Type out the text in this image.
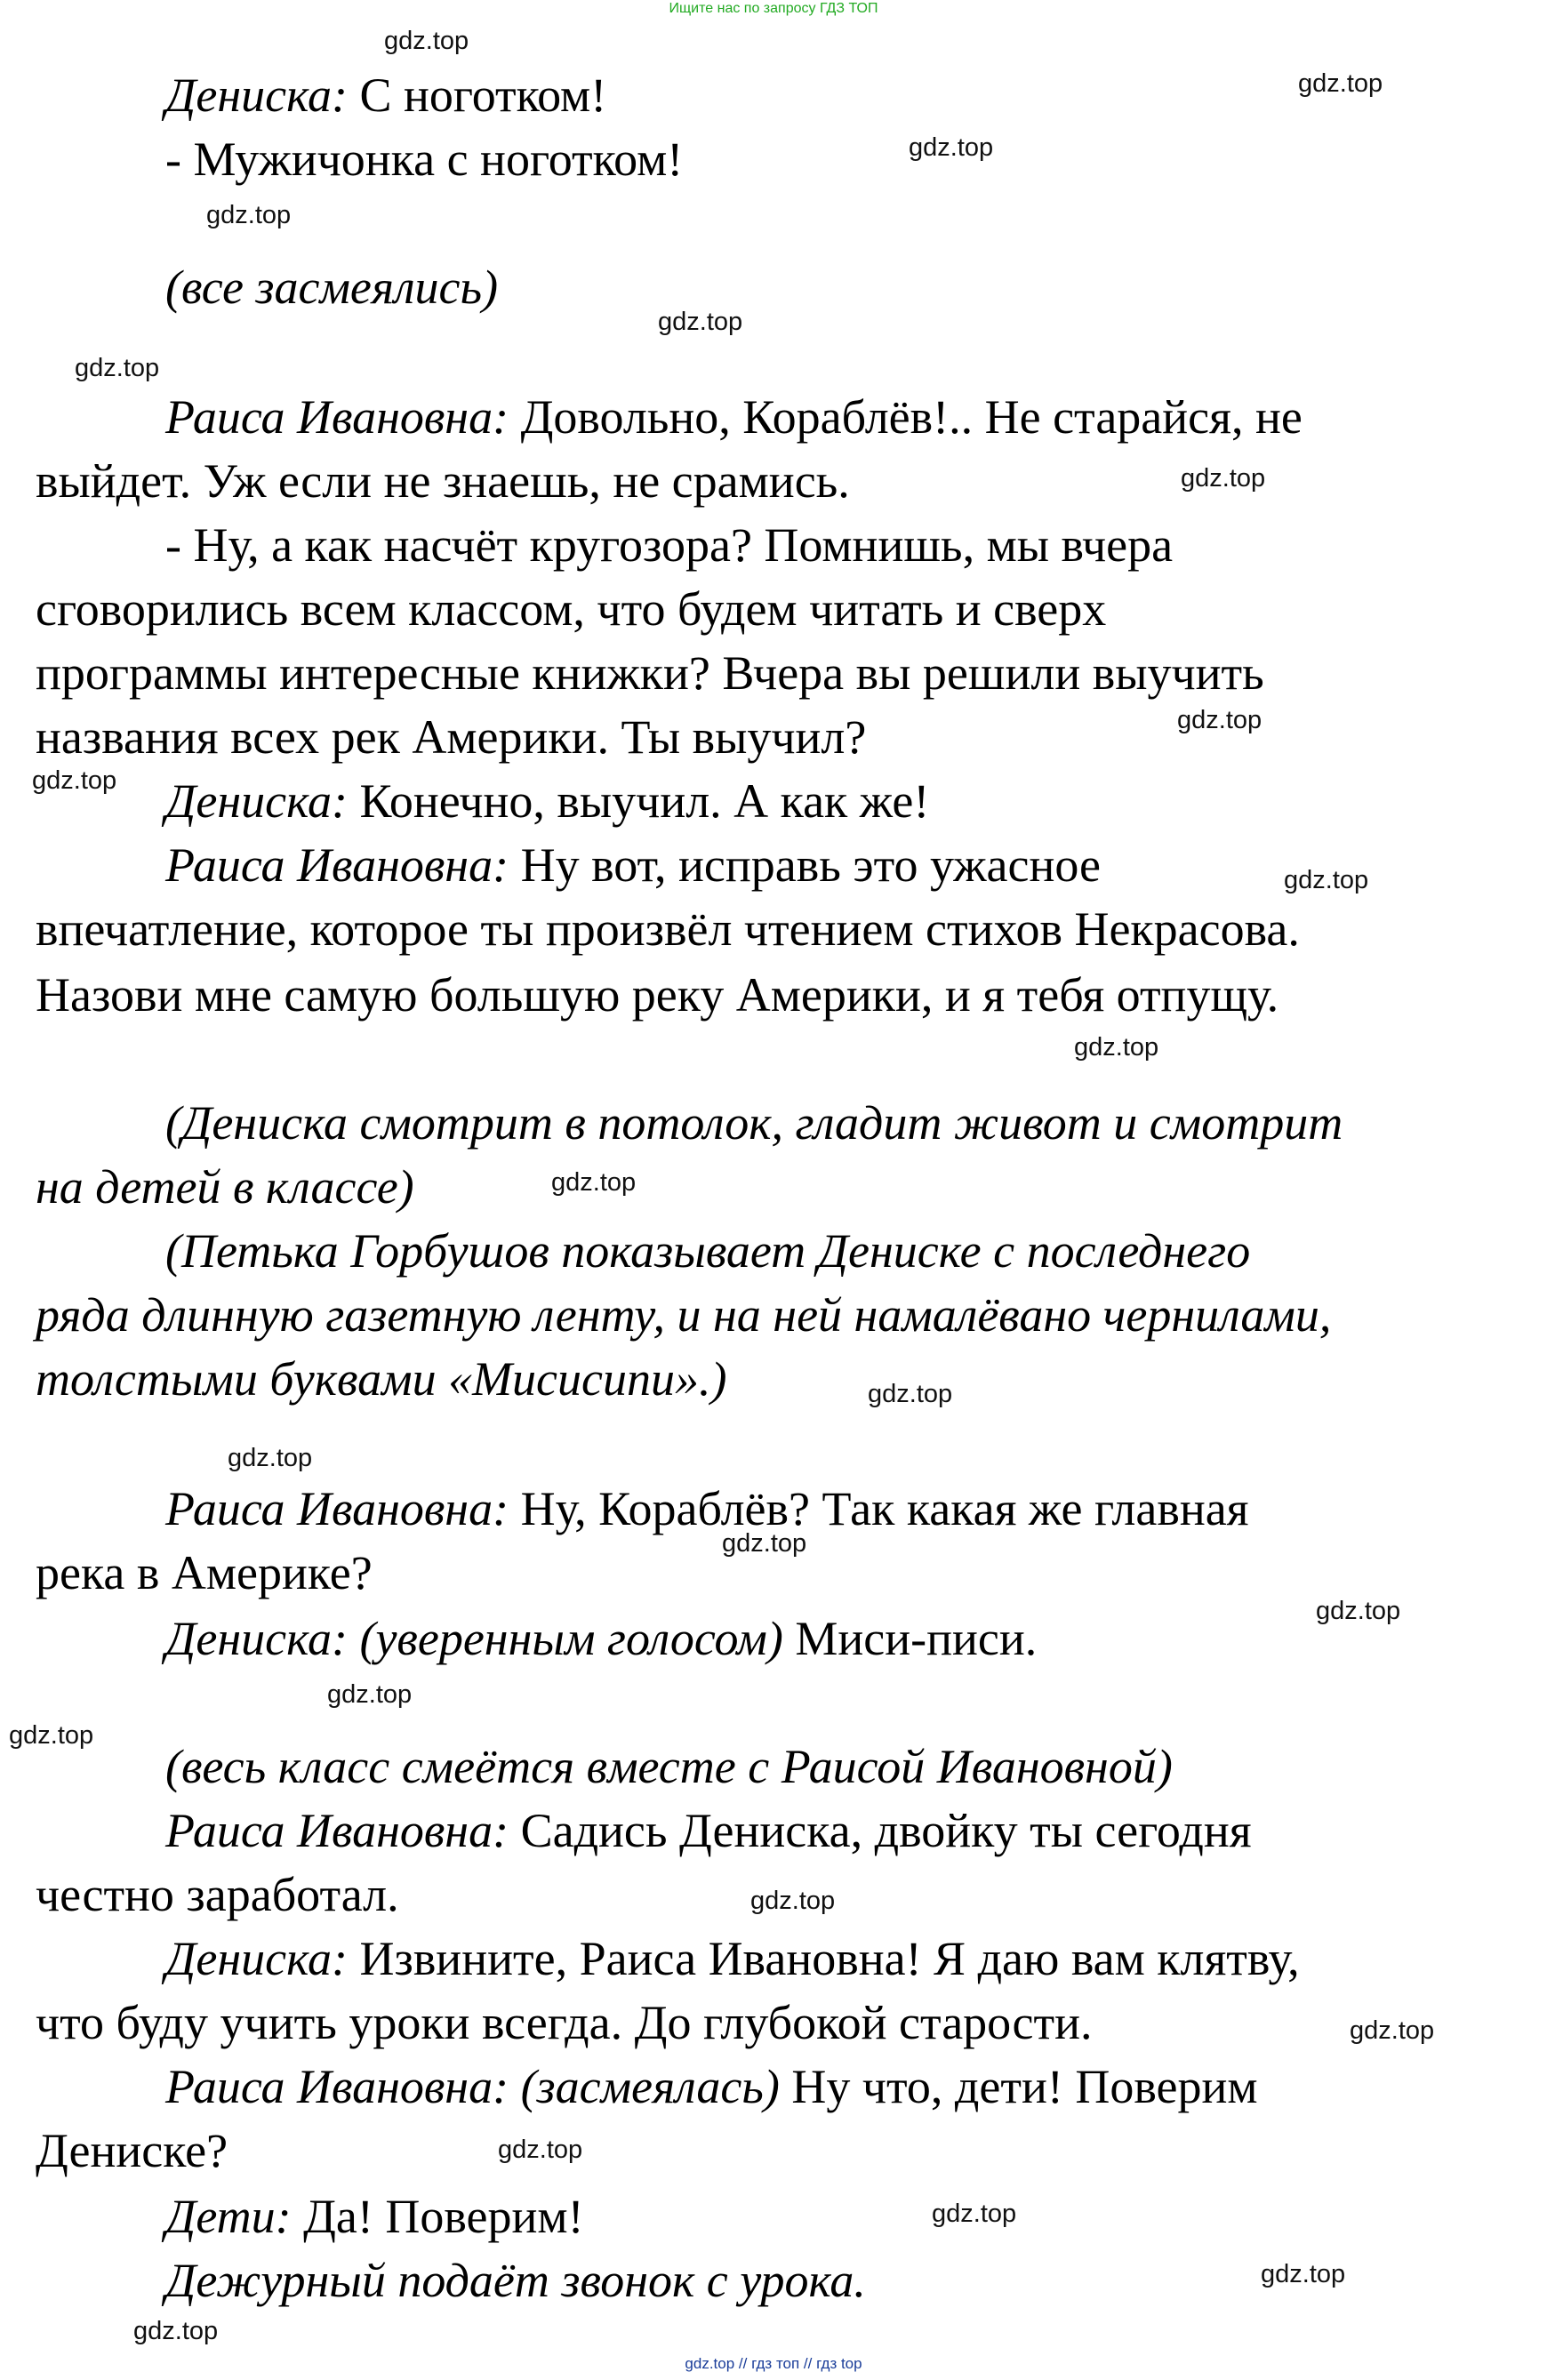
Ищите нас по запросу ГДЗ ТОП
Дениска: С ноготком!
- Мужичонка с ноготком!
(все засмеялись)
Раиса Ивановна: Довольно, Кораблёв!.. Не старайся, не
выйдет. Уж если не знаешь, не срамись.
- Ну, а как насчёт кругозора? Помнишь, мы вчера
сговорились всем классом, что будем читать и сверх
программы интересные книжки? Вчера вы решили выучить
названия всех рек Америки. Ты выучил?
Дениска: Конечно, выучил. А как же!
Раиса Ивановна: Ну вот, исправь это ужасное
впечатление, которое ты произвёл чтением стихов Некрасова.
Назови мне самую большую реку Америки, и я тебя отпущу.
(Дениска смотрит в потолок, гладит живот и смотрит
на детей в классе)
(Петька Горбушов показывает Дениске с последнего
ряда длинную газетную ленту, и на ней намалёвано чернилами,
толстыми буквами «Мисисипи».)
Раиса Ивановна: Ну, Кораблёв? Так какая же главная
река в Америке?
Дениска: (уверенным голосом) Миси-писи.
(весь класс смеётся вместе с Раисой Ивановной)
Раиса Ивановна: Садись Дениска, двойку ты сегодня
честно заработал.
Дениска: Извините, Раиса Ивановна! Я даю вам клятву,
что буду учить уроки всегда. До глубокой старости.
Раиса Ивановна: (засмеялась) Ну что, дети! Поверим
Дениске?
Дети: Да! Поверим!
Дежурный подаёт звонок с урока.
gdz.top
gdz.top
gdz.top
gdz.top
gdz.top
gdz.top
gdz.top
gdz.top
gdz.top
gdz.top
gdz.top
gdz.top
gdz.top
gdz.top
gdz.top
gdz.top
gdz.top
gdz.top
gdz.top
gdz.top
gdz.top
gdz.top
gdz.top
gdz.top
gdz.top // гдз топ // гдз top
